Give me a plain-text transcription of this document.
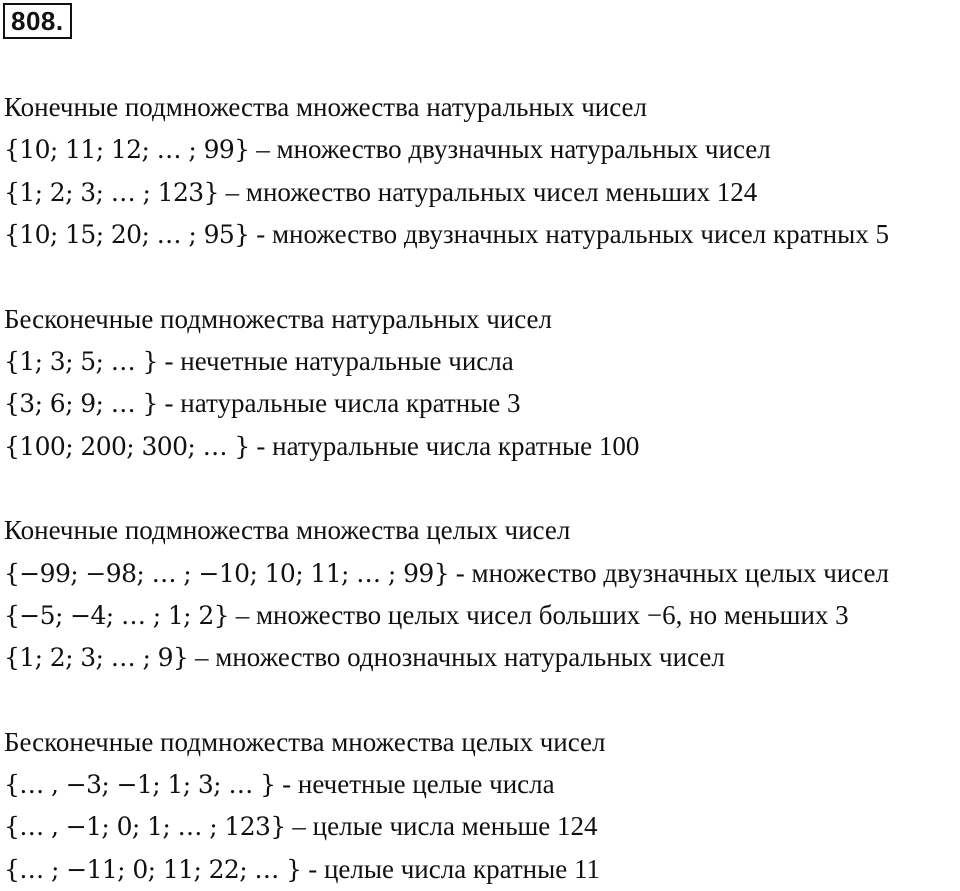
808.
Конечные подмножества множества натуральных чисел
{10; 11; 12; … ; 99} – множество двузначных натуральных чисел
{1; 2; 3; … ; 123} – множество натуральных чисел меньших 124
{10; 15; 20; … ; 95} - множество двузначных натуральных чисел кратных 5
Бесконечные подмножества натуральных чисел
{1; 3; 5; … } - нечетные натуральные числа
{3; 6; 9; … } - натуральные числа кратные 3
{100; 200; 300; … } - натуральные числа кратные 100
Конечные подмножества множества целых чисел
{−99; −98; … ; −10; 10; 11; … ; 99} - множество двузначных целых чисел
{−5; −4; … ; 1; 2} – множество целых чисел больших −6, но меньших 3
{1; 2; 3; … ; 9} – множество однозначных натуральных чисел
Бесконечные подмножества множества целых чисел
{… , −3; −1; 1; 3; … } - нечетные целые числа
{… , −1; 0; 1; … ; 123} – целые числа меньше 124
{… ; −11; 0; 11; 22; … } - целые числа кратные 11
